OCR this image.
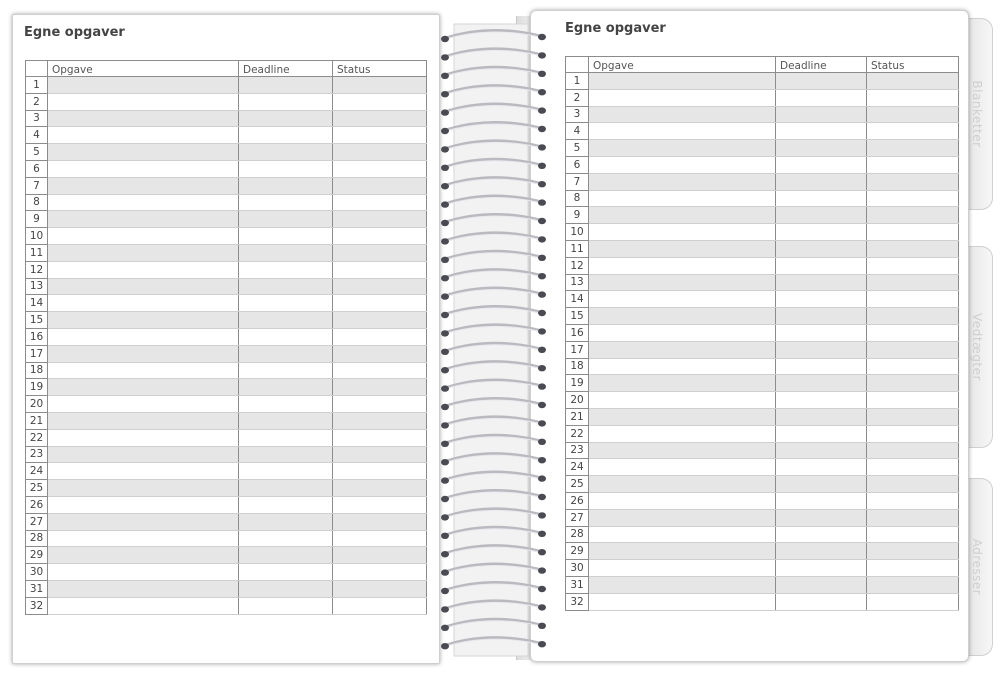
Blanketter
Vedtægter
Adresser
Egne opgaver
	Opgave	Deadline	Status
1			
2			
3			
4			
5			
6			
7			
8			
9			
10			
11			
12			
13			
14			
15			
16			
17			
18			
19			
20			
21			
22			
23			
24			
25			
26			
27			
28			
29			
30			
31			
32			
Egne opgaver
	Opgave	Deadline	Status
1			
2			
3			
4			
5			
6			
7			
8			
9			
10			
11			
12			
13			
14			
15			
16			
17			
18			
19			
20			
21			
22			
23			
24			
25			
26			
27			
28			
29			
30			
31			
32			
